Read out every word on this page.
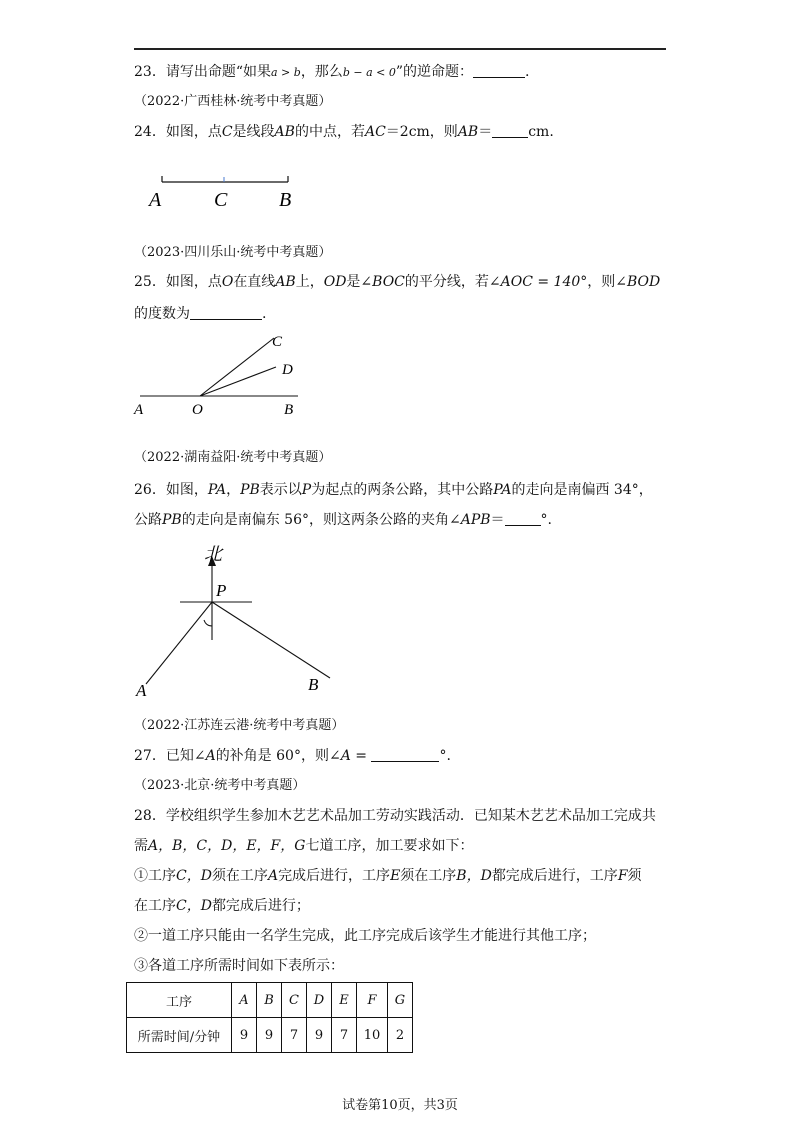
23．请写出命题“如果a > b，那么b − a < 0”的逆命题：	.
（2022·广西桂林·统考中考真题）
24．如图，点C是线段AB的中点，若AC＝2cm，则AB＝	cm.
A	C	B
（2023·四川乐山·统考中考真题）
25．如图，点O在直线AB上，OD是∠BOC的平分线，若∠AOC = 140°，则∠BOD
的度数为	.
C
D
A	O	B
（2022·湖南益阳·统考中考真题）
26．如图，PA，PB表示以P为起点的两条公路，其中公路PA的走向是南偏西 34°，
公路PB的走向是南偏东 56°，则这两条公路的夹角∠APB＝	°.
北
P
A	B
（2022·江苏连云港·统考中考真题）
27．已知∠A的补角是 60°，则∠A =	°.
（2023·北京·统考中考真题）
28．学校组织学生参加木艺艺术品加工劳动实践活动．已知某木艺艺术品加工完成共
需A，B，C，D，E，F，G七道工序，加工要求如下：
①工序C，D须在工序A完成后进行，工序E须在工序B，D都完成后进行，工序F须
在工序C，D都完成后进行；
②一道工序只能由一名学生完成，此工序完成后该学生才能进行其他工序；
③各道工序所需时间如下表所示：
工序	A	B	C	D	E	F	G
所需时间/分钟	9	9	7	9	7	10	2
试卷第10页，共3页
